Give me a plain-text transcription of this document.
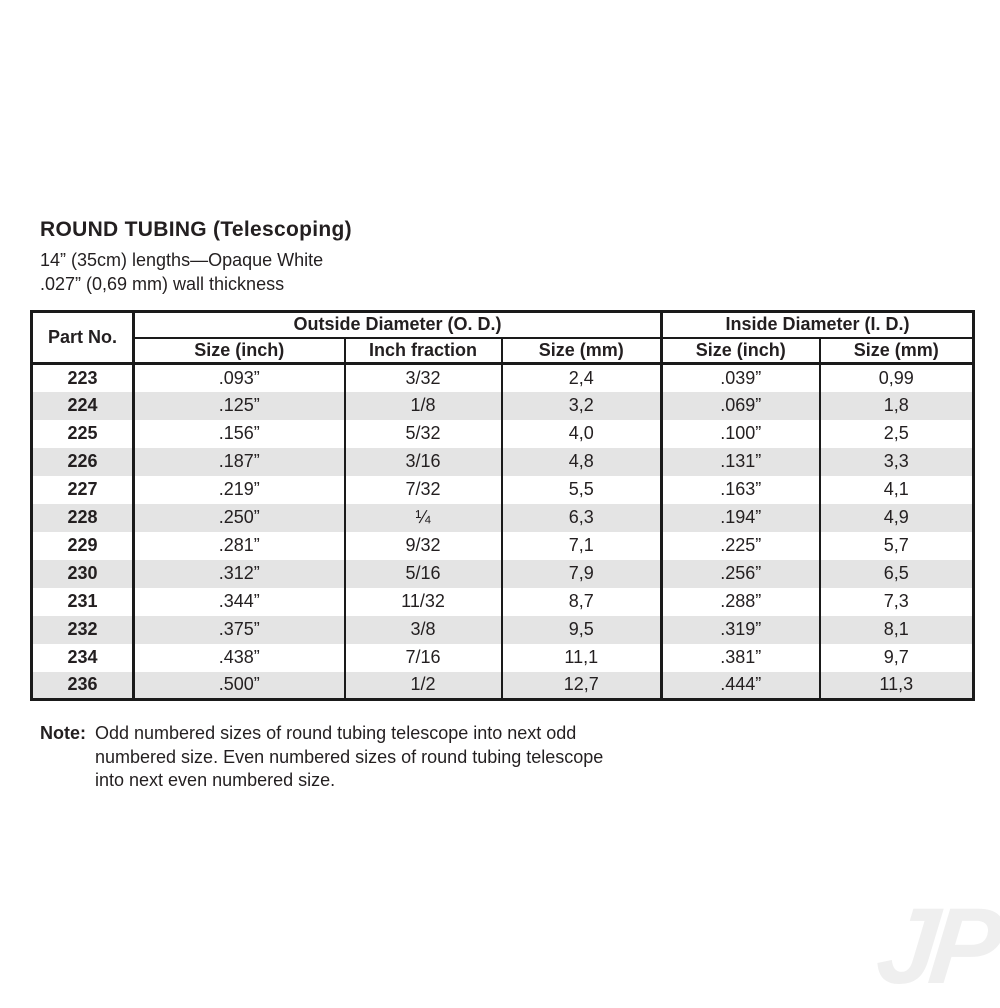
ROUND TUBING (Telescoping)
14” (35cm) lengths—Opaque White
.027” (0,69 mm) wall thickness
Part No.	Outside Diameter (O. D.)			Inside Diameter (I. D.)	
	Size (inch)	Inch fraction	Size (mm)	Size (inch)	Size (mm)
223	.093”	3/32	2,4	.039”	0,99
224	.125”	1/8	3,2	.069”	1,8
225	.156”	5/32	4,0	.100”	2,5
226	.187”	3/16	4,8	.131”	3,3
227	.219”	7/32	5,5	.163”	4,1
228	.250”	¼	6,3	.194”	4,9
229	.281”	9/32	7,1	.225”	5,7
230	.312”	5/16	7,9	.256”	6,5
231	.344”	11/32	8,7	.288”	7,3
232	.375”	3/8	9,5	.319”	8,1
234	.438”	7/16	11,1	.381”	9,7
236	.500”	1/2	12,7	.444”	11,3
Note: Odd numbered sizes of round tubing telescope into next odd
numbered size. Even numbered sizes of round tubing telescope
into next even numbered size.
JP
